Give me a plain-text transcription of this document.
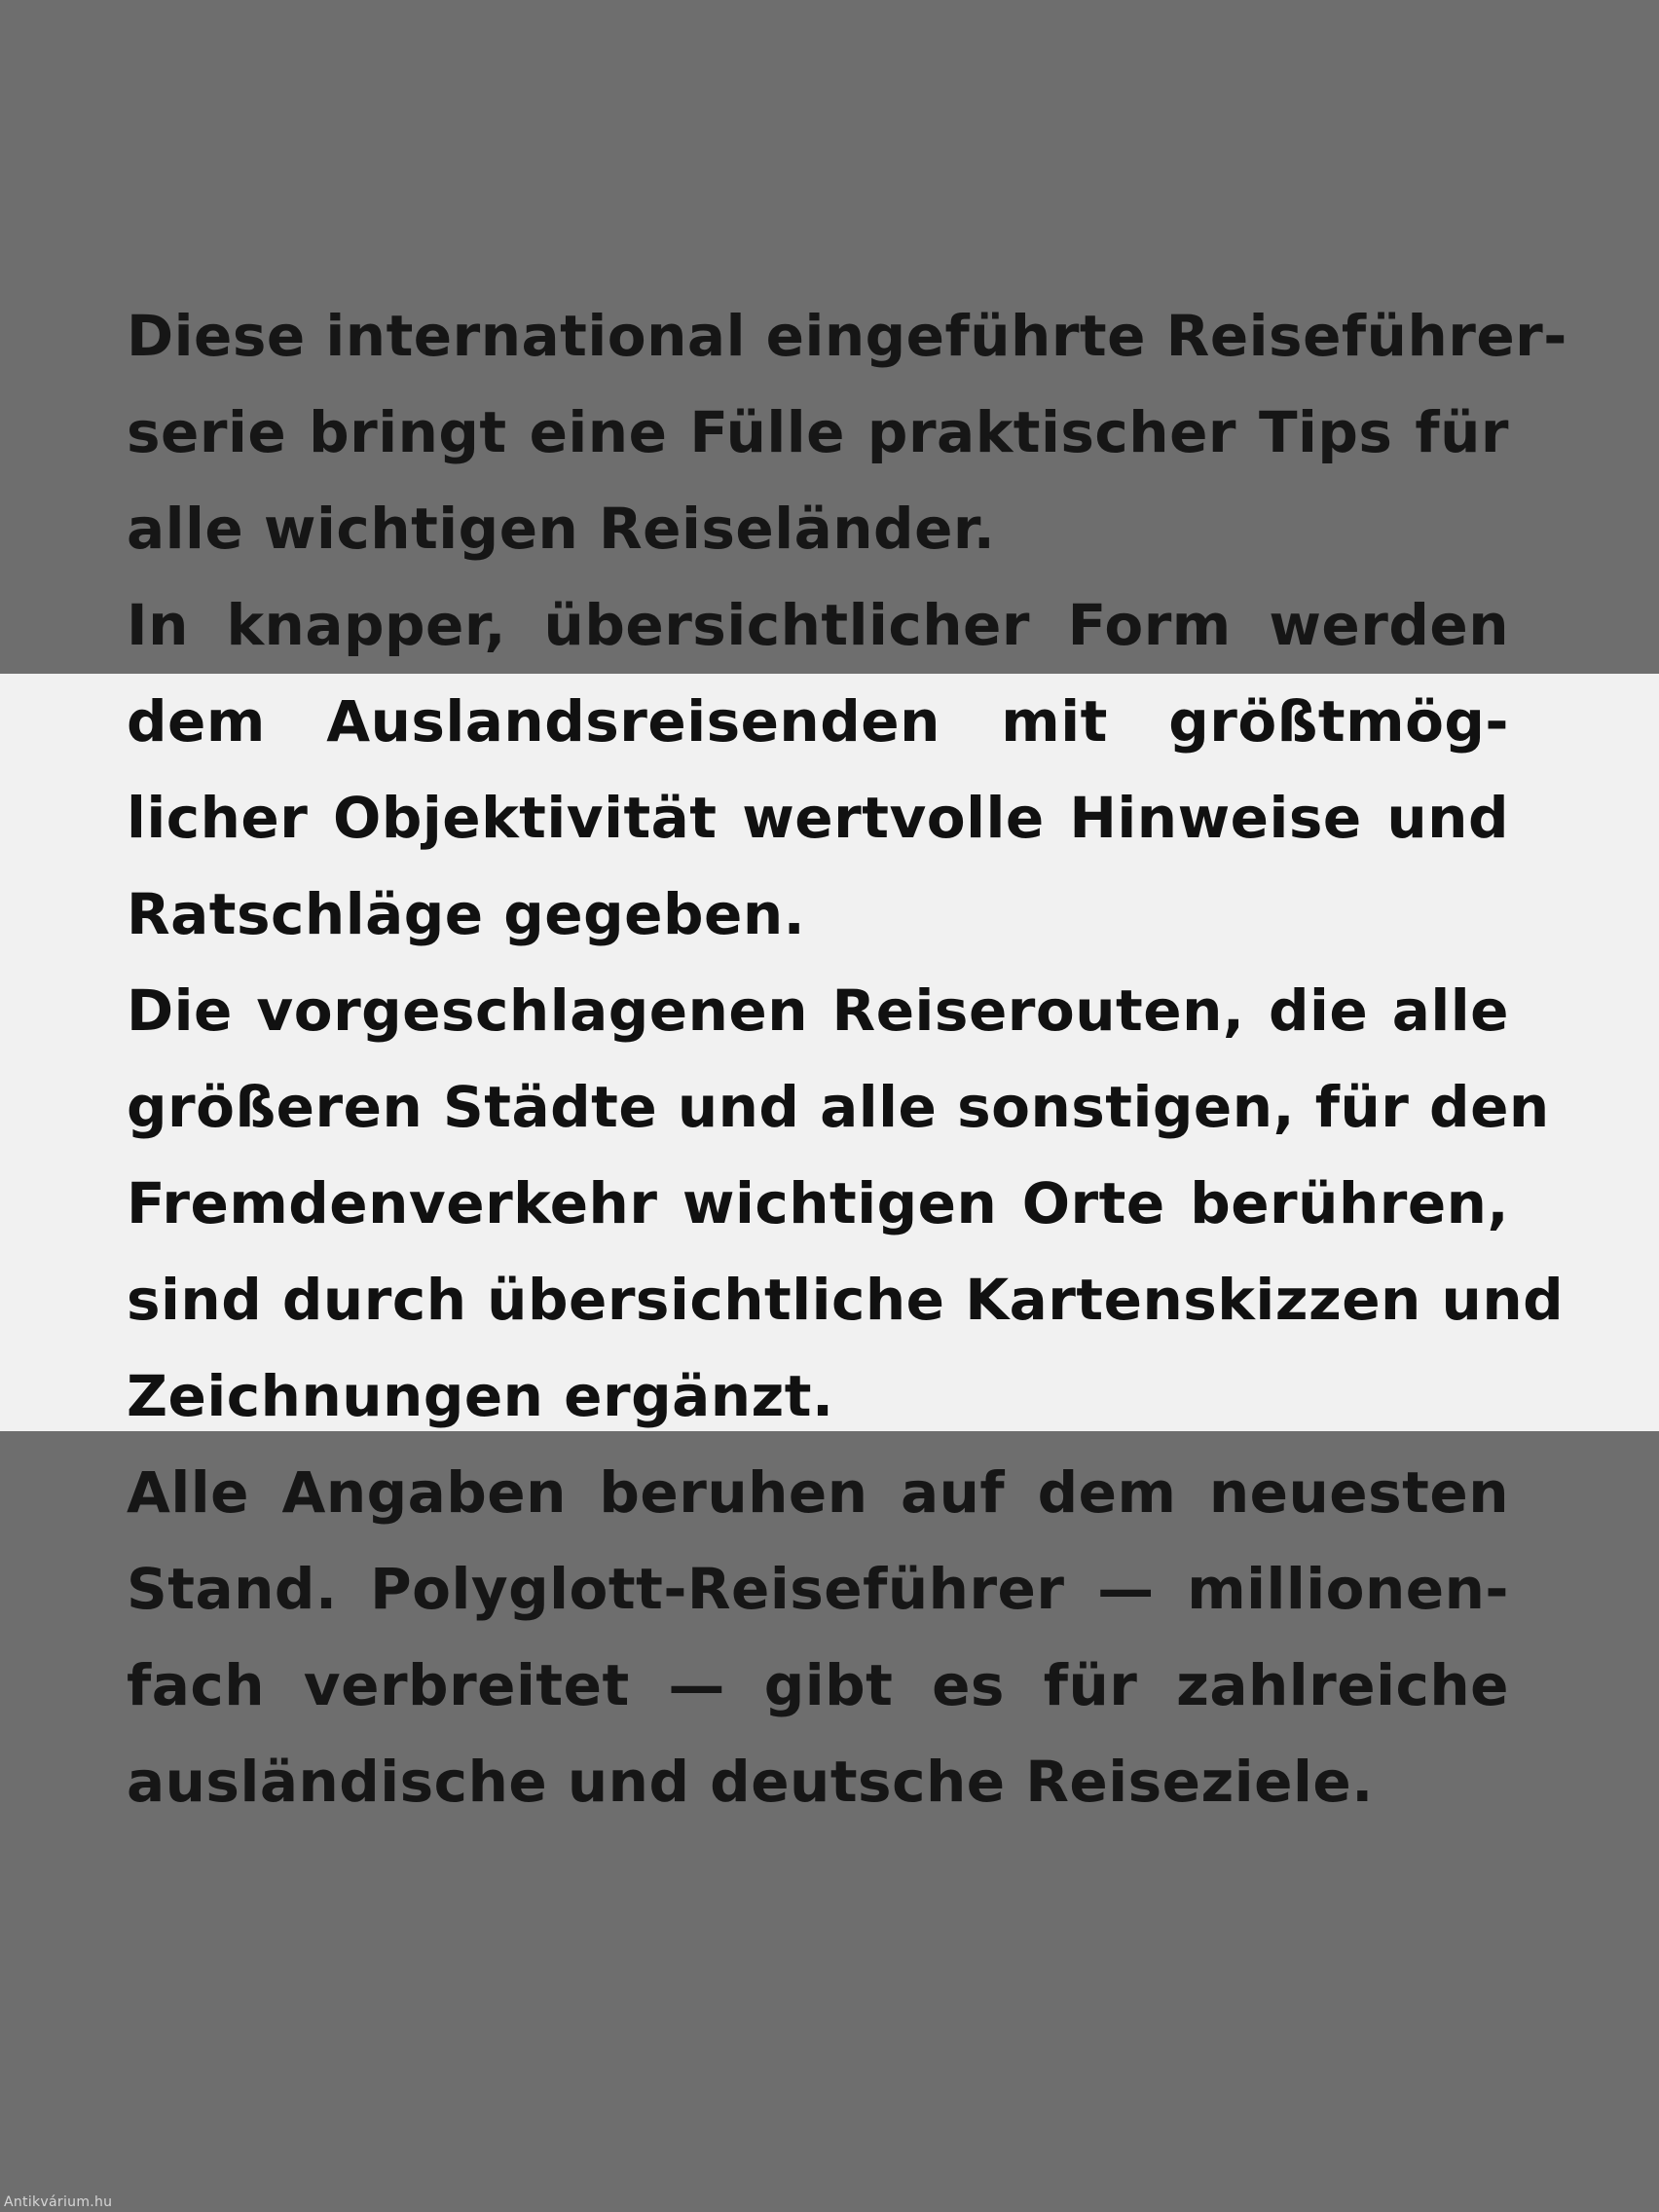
Diese international eingeführte Reiseführer-
serie bringt eine Fülle praktischer Tips für
alle wichtigen Reiseländer.
In knapper, übersichtlicher Form werden
dem Auslandsreisenden mit größtmög-
licher Objektivität wertvolle Hinweise und
Ratschläge gegeben.
Die vorgeschlagenen Reiserouten, die alle
größeren Städte und alle sonstigen, für den
Fremdenverkehr wichtigen Orte berühren,
sind durch übersichtliche Kartenskizzen und
Zeichnungen ergänzt.
Alle Angaben beruhen auf dem neuesten
Stand. Polyglott-Reiseführer — millionen-
fach verbreitet — gibt es für zahlreiche
ausländische und deutsche Reiseziele.
Antikvárium.hu
